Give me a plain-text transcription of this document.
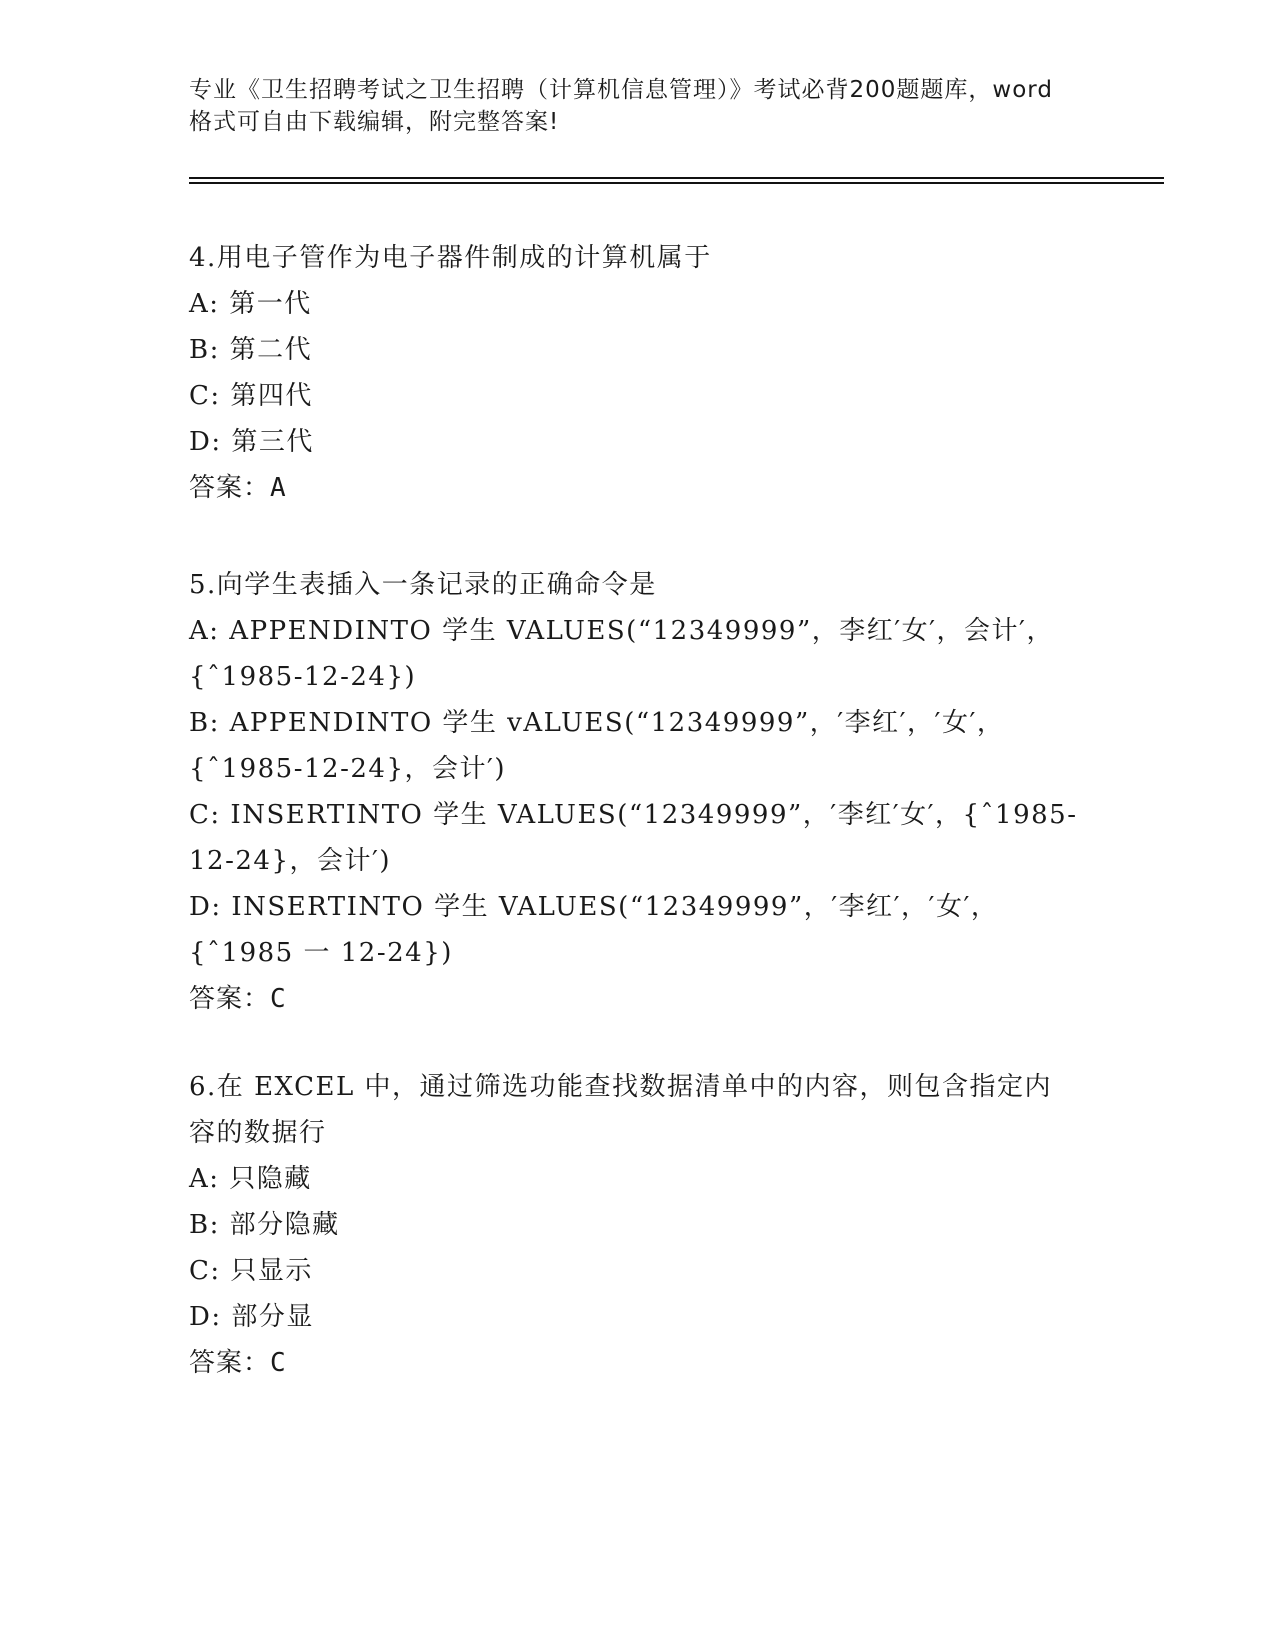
专业《卫生招聘考试之卫生招聘（计算机信息管理）》考试必背200题题库，word
格式可自由下载编辑，附完整答案!
4.用电子管作为电子器件制成的计算机属于
A: 第一代
B: 第二代
C: 第四代
D: 第三代
答案：A
5.向学生表插入一条记录的正确命令是
A: APPENDINTO 学生 VALUES(“12349999”，李红′女′，会计′，
{ˆ1985-12-24})
B: APPENDINTO 学生 vALUES(“12349999”，′李红′，′女′，
{ˆ1985-12-24}，会计′)
C: INSERTINTO 学生 VALUES(“12349999”，′李红′女′，{ˆ1985-
12-24}，会计′)
D: INSERTINTO 学生 VALUES(“12349999”，′李红′，′女′，
{ˆ1985 一 12-24})
答案：C
6.在 EXCEL 中，通过筛选功能查找数据清单中的内容，则包含指定内
容的数据行
A: 只隐藏
B: 部分隐藏
C: 只显示
D: 部分显
答案：C
